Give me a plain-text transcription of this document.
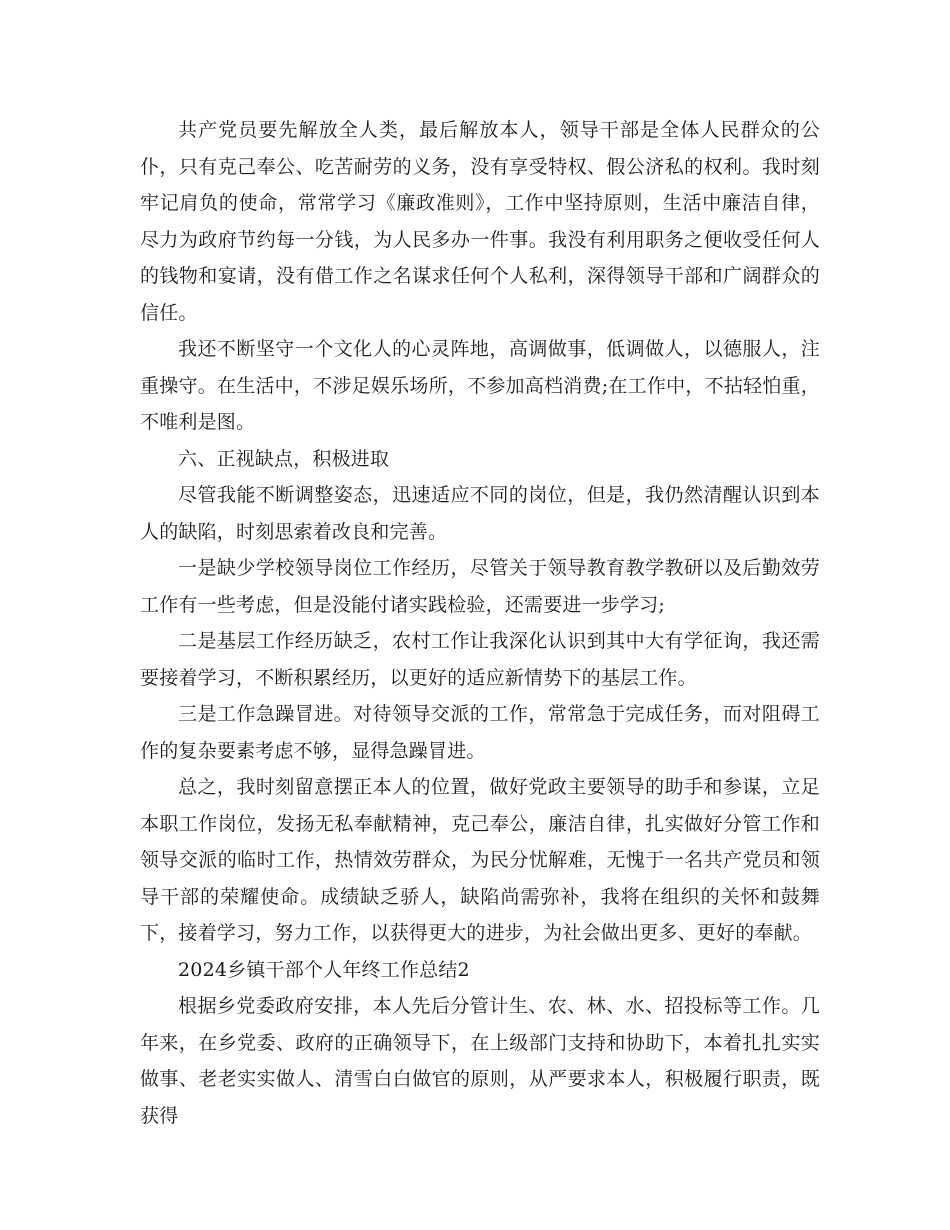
共产党员要先解放全人类，最后解放本人，领导干部是全体人民群众的公仆，只有克己奉公、吃苦耐劳的义务，没有享受特权、假公济私的权利。我时刻牢记肩负的使命，常常学习《廉政准则》，工作中坚持原则，生活中廉洁自律，尽力为政府节约每一分钱，为人民多办一件事。我没有利用职务之便收受任何人的钱物和宴请，没有借工作之名谋求任何个人私利，深得领导干部和广阔群众的信任。

我还不断坚守一个文化人的心灵阵地，高调做事，低调做人，以德服人，注重操守。在生活中，不涉足娱乐场所，不参加高档消费;在工作中，不拈轻怕重，不唯利是图。

六、正视缺点，积极进取

尽管我能不断调整姿态，迅速适应不同的岗位，但是，我仍然清醒认识到本人的缺陷，时刻思索着改良和完善。

一是缺少学校领导岗位工作经历，尽管关于领导教育教学教研以及后勤效劳工作有一些考虑，但是没能付诸实践检验，还需要进一步学习;

二是基层工作经历缺乏，农村工作让我深化认识到其中大有学征询，我还需要接着学习，不断积累经历，以更好的适应新情势下的基层工作。

三是工作急躁冒进。对待领导交派的工作，常常急于完成任务，而对阻碍工作的复杂要素考虑不够，显得急躁冒进。

总之，我时刻留意摆正本人的位置，做好党政主要领导的助手和参谋，立足本职工作岗位，发扬无私奉献精神，克己奉公，廉洁自律，扎实做好分管工作和领导交派的临时工作，热情效劳群众，为民分忧解难，无愧于一名共产党员和领导干部的荣耀使命。成绩缺乏骄人，缺陷尚需弥补，我将在组织的关怀和鼓舞下，接着学习，努力工作，以获得更大的进步，为社会做出更多、更好的奉献。

2024乡镇干部个人年终工作总结2

根据乡党委政府安排，本人先后分管计生、农、林、水、招投标等工作。几年来，在乡党委、政府的正确领导下，在上级部门支持和协助下，本着扎扎实实做事、老老实实做人、清雪白白做官的原则，从严要求本人，积极履行职责，既获得
